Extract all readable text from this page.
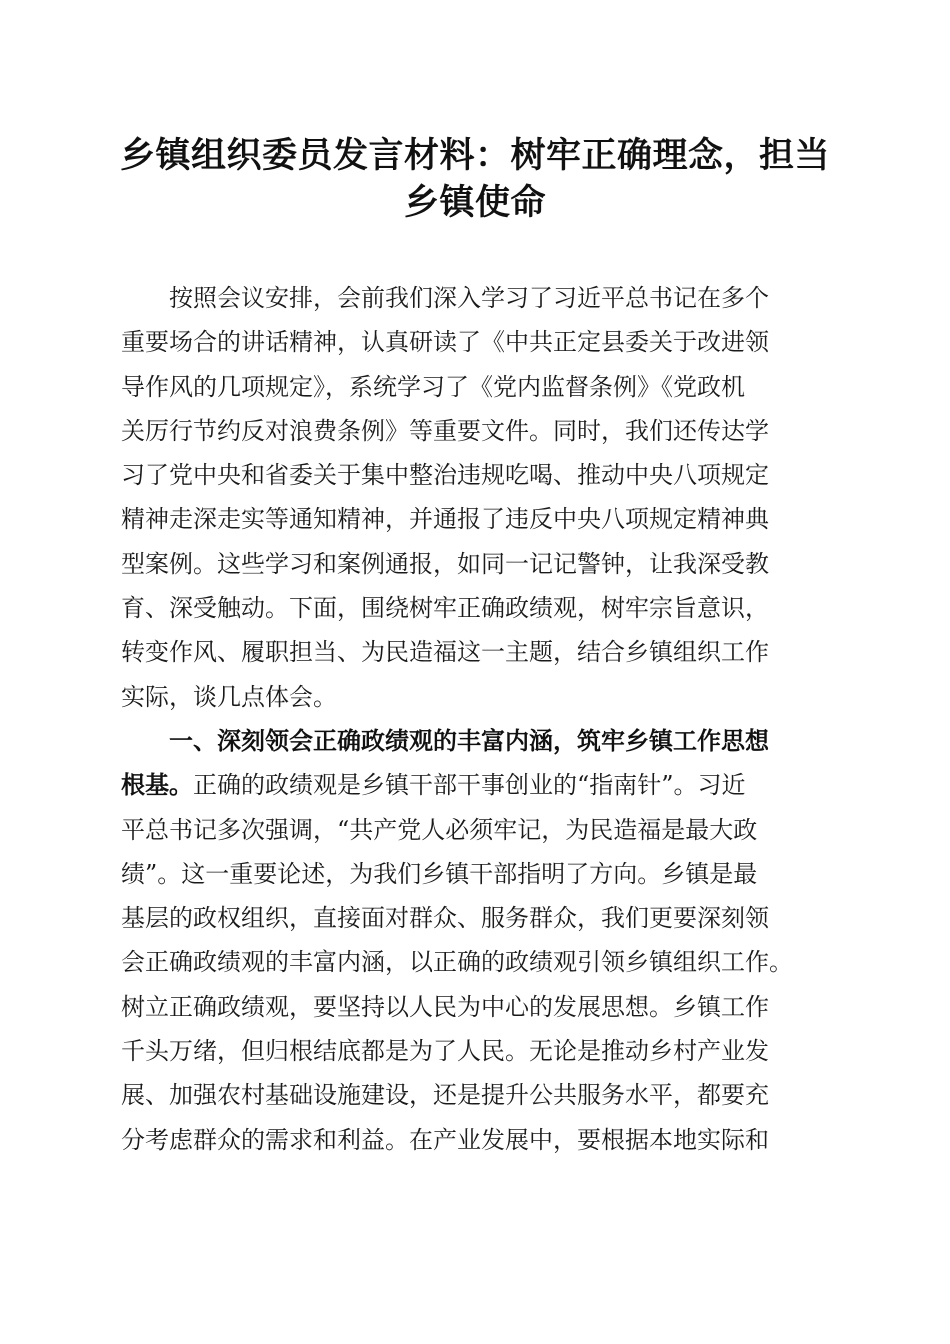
乡镇组织委员发言材料：树牢正确理念，担当
乡镇使命
按照会议安排，会前我们深入学习了习近平总书记在多个
重要场合的讲话精神，认真研读了《中共正定县委关于改进领
导作风的几项规定》，系统学习了《党内监督条例》《党政机
关厉行节约反对浪费条例》等重要文件。同时，我们还传达学
习了党中央和省委关于集中整治违规吃喝、推动中央八项规定
精神走深走实等通知精神，并通报了违反中央八项规定精神典
型案例。这些学习和案例通报，如同一记记警钟，让我深受教
育、深受触动。下面，围绕树牢正确政绩观，树牢宗旨意识，
转变作风、履职担当、为民造福这一主题，结合乡镇组织工作
实际，谈几点体会。
一、深刻领会正确政绩观的丰富内涵，筑牢乡镇工作思想
根基。正确的政绩观是乡镇干部干事创业的“指南针”。习近
平总书记多次强调，“共产党人必须牢记，为民造福是最大政
绩”。这一重要论述，为我们乡镇干部指明了方向。乡镇是最
基层的政权组织，直接面对群众、服务群众，我们更要深刻领
会正确政绩观的丰富内涵，以正确的政绩观引领乡镇组织工作。
树立正确政绩观，要坚持以人民为中心的发展思想。乡镇工作
千头万绪，但归根结底都是为了人民。无论是推动乡村产业发
展、加强农村基础设施建设，还是提升公共服务水平，都要充
分考虑群众的需求和利益。在产业发展中，要根据本地实际和
